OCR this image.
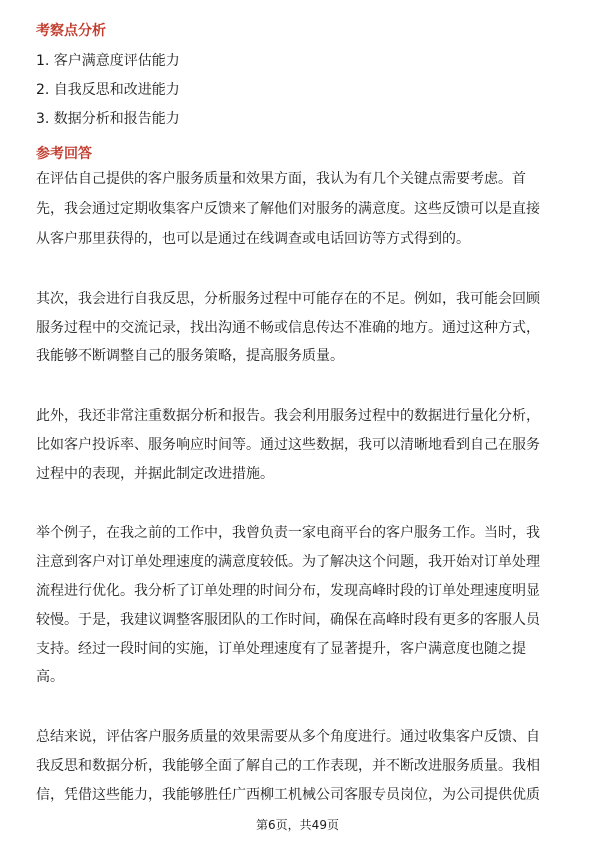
考察点分析
1. 客户满意度评估能力
2. 自我反思和改进能力
3. 数据分析和报告能力
参考回答
在评估自己提供的客户服务质量和效果方面，我认为有几个关键点需要考虑。首
先，我会通过定期收集客户反馈来了解他们对服务的满意度。这些反馈可以是直接
从客户那里获得的，也可以是通过在线调查或电话回访等方式得到的。
其次，我会进行自我反思，分析服务过程中可能存在的不足。例如，我可能会回顾
服务过程中的交流记录，找出沟通不畅或信息传达不准确的地方。通过这种方式，
我能够不断调整自己的服务策略，提高服务质量。
此外，我还非常注重数据分析和报告。我会利用服务过程中的数据进行量化分析，
比如客户投诉率、服务响应时间等。通过这些数据，我可以清晰地看到自己在服务
过程中的表现，并据此制定改进措施。
举个例子，在我之前的工作中，我曾负责一家电商平台的客户服务工作。当时，我
注意到客户对订单处理速度的满意度较低。为了解决这个问题，我开始对订单处理
流程进行优化。我分析了订单处理的时间分布，发现高峰时段的订单处理速度明显
较慢。于是，我建议调整客服团队的工作时间，确保在高峰时段有更多的客服人员
支持。经过一段时间的实施，订单处理速度有了显著提升，客户满意度也随之提
高。
总结来说，评估客户服务质量的效果需要从多个角度进行。通过收集客户反馈、自
我反思和数据分析，我能够全面了解自己的工作表现，并不断改进服务质量。我相
信，凭借这些能力，我能够胜任广西柳工机械公司客服专员岗位，为公司提供优质
第6页，共49页
